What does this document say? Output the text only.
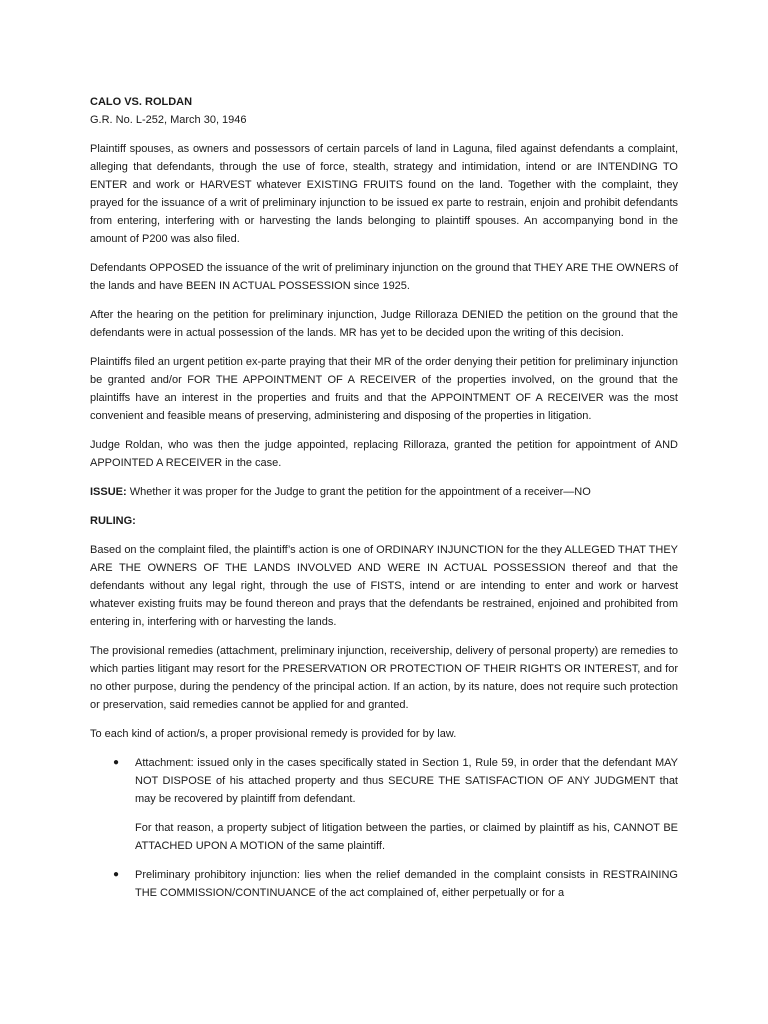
CALO VS. ROLDAN
G.R. No. L-252, March 30, 1946

Plaintiff spouses, as owners and possessors of certain parcels of land in Laguna, filed against defendants a complaint, alleging that defendants, through the use of force, stealth, strategy and intimidation, intend or are INTENDING TO ENTER and work or HARVEST whatever EXISTING FRUITS found on the land. Together with the complaint, they prayed for the issuance of a writ of preliminary injunction to be issued ex parte to restrain, enjoin and prohibit defendants from entering, interfering with or harvesting the lands belonging to plaintiff spouses. An accompanying bond in the amount of P200 was also filed.

Defendants OPPOSED the issuance of the writ of preliminary injunction on the ground that THEY ARE THE OWNERS of the lands and have BEEN IN ACTUAL POSSESSION since 1925.

After the hearing on the petition for preliminary injunction, Judge Rilloraza DENIED the petition on the ground that the defendants were in actual possession of the lands. MR has yet to be decided upon the writing of this decision.

Plaintiffs filed an urgent petition ex-parte praying that their MR of the order denying their petition for preliminary injunction be granted and/or FOR THE APPOINTMENT OF A RECEIVER of the properties involved, on the ground that the plaintiffs have an interest in the properties and fruits and that the APPOINTMENT OF A RECEIVER was the most convenient and feasible means of preserving, administering and disposing of the properties in litigation.

Judge Roldan, who was then the judge appointed, replacing Rilloraza, granted the petition for appointment of AND APPOINTED A RECEIVER in the case.

ISSUE: Whether it was proper for the Judge to grant the petition for the appointment of a receiver—NO

RULING:

Based on the complaint filed, the plaintiff’s action is one of ORDINARY INJUNCTION for the they ALLEGED THAT THEY ARE THE OWNERS OF THE LANDS INVOLVED AND WERE IN ACTUAL POSSESSION thereof and that the defendants without any legal right, through the use of FISTS, intend or are intending to enter and work or harvest whatever existing fruits may be found thereon and prays that the defendants be restrained, enjoined and prohibited from entering in, interfering with or harvesting the lands.

The provisional remedies (attachment, preliminary injunction, receivership, delivery of personal property) are remedies to which parties litigant may resort for the PRESERVATION OR PROTECTION OF THEIR RIGHTS OR INTEREST, and for no other purpose, during the pendency of the principal action. If an action, by its nature, does not require such protection or preservation, said remedies cannot be applied for and granted.

To each kind of action/s, a proper provisional remedy is provided for by law.

● Attachment: issued only in the cases specifically stated in Section 1, Rule 59, in order that the defendant MAY NOT DISPOSE of his attached property and thus SECURE THE SATISFACTION OF ANY JUDGMENT that may be recovered by plaintiff from defendant.
For that reason, a property subject of litigation between the parties, or claimed by plaintiff as his, CANNOT BE ATTACHED UPON A MOTION of the same plaintiff.
● Preliminary prohibitory injunction: lies when the relief demanded in the complaint consists in RESTRAINING THE COMMISSION/CONTINUANCE of the act complained of, either perpetually or for a
